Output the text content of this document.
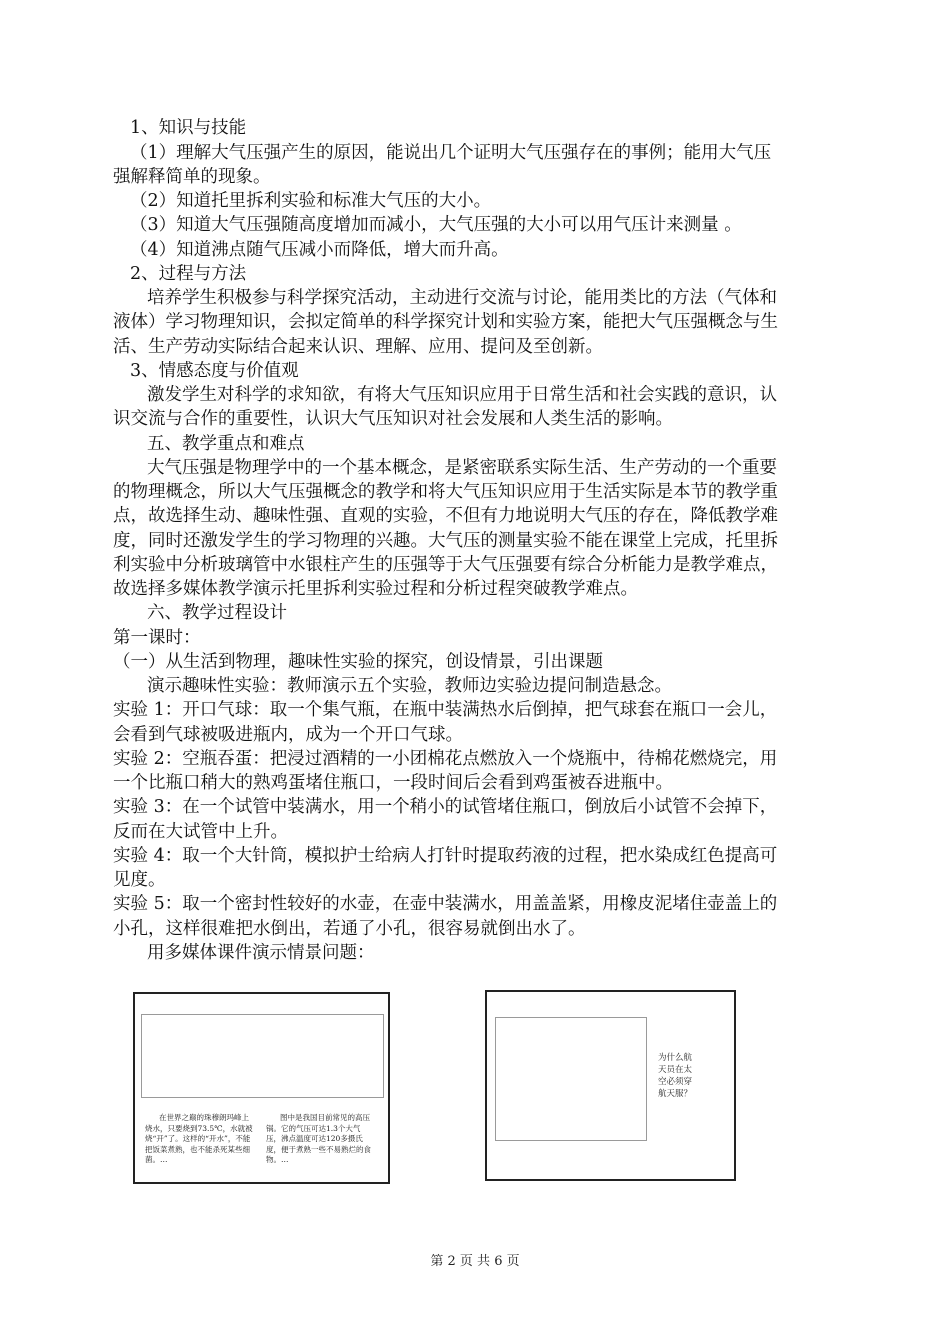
1、知识与技能
（1）理解大气压强产生的原因，能说出几个证明大气压强存在的事例；能用大气压
强解释简单的现象。
（2）知道托里拆利实验和标准大气压的大小。
（3）知道大气压强随高度增加而减小，大气压强的大小可以用气压计来测量 。
（4）知道沸点随气压减小而降低，增大而升高。
2、过程与方法
培养学生积极参与科学探究活动，主动进行交流与讨论，能用类比的方法（气体和
液体）学习物理知识，会拟定简单的科学探究计划和实验方案，能把大气压强概念与生
活、生产劳动实际结合起来认识、理解、应用、提问及至创新。
3、情感态度与价值观
激发学生对科学的求知欲，有将大气压知识应用于日常生活和社会实践的意识，认
识交流与合作的重要性，认识大气压知识对社会发展和人类生活的影响。
五、教学重点和难点
大气压强是物理学中的一个基本概念，是紧密联系实际生活、生产劳动的一个重要
的物理概念，所以大气压强概念的教学和将大气压知识应用于生活实际是本节的教学重
点，故选择生动、趣味性强、直观的实验，不但有力地说明大气压的存在，降低教学难
度，同时还激发学生的学习物理的兴趣。大气压的测量实验不能在课堂上完成，托里拆
利实验中分析玻璃管中水银柱产生的压强等于大气压强要有综合分析能力是教学难点，
故选择多媒体教学演示托里拆利实验过程和分析过程突破教学难点。
六、教学过程设计
第一课时：
（一）从生活到物理，趣味性实验的探究，创设情景，引出课题
演示趣味性实验：教师演示五个实验，教师边实验边提问制造悬念。
实验 1：开口气球：取一个集气瓶，在瓶中装满热水后倒掉，把气球套在瓶口一会儿，
会看到气球被吸进瓶内，成为一个开口气球。
实验 2：空瓶吞蛋：把浸过酒精的一小团棉花点燃放入一个烧瓶中，待棉花燃烧完，用
一个比瓶口稍大的熟鸡蛋堵住瓶口，一段时间后会看到鸡蛋被吞进瓶中。
实验 3：在一个试管中装满水，用一个稍小的试管堵住瓶口，倒放后小试管不会掉下，
反而在大试管中上升。
实验 4：取一个大针筒，模拟护士给病人打针时提取药液的过程，把水染成红色提高可
见度。
实验 5：取一个密封性较好的水壶，在壶中装满水，用盖盖紧，用橡皮泥堵住壶盖上的
小孔，这样很难把水倒出，若通了小孔，很容易就倒出水了。
用多媒体课件演示情景问题：
在世界之巅的珠穆朗玛峰上烧水，只要烧到73.5℃，水就被烧“开”了。这样的“开水”，不能把饭菜煮熟，也不能杀死某些细菌。…
图中是我国目前常见的高压锅。它的气压可达1.3个大气压，沸点温度可达120多摄氏度，便于煮熟一些不易熟烂的食物。…
为什么航天员在太空必须穿航天服？
第 2 页 共 6 页
